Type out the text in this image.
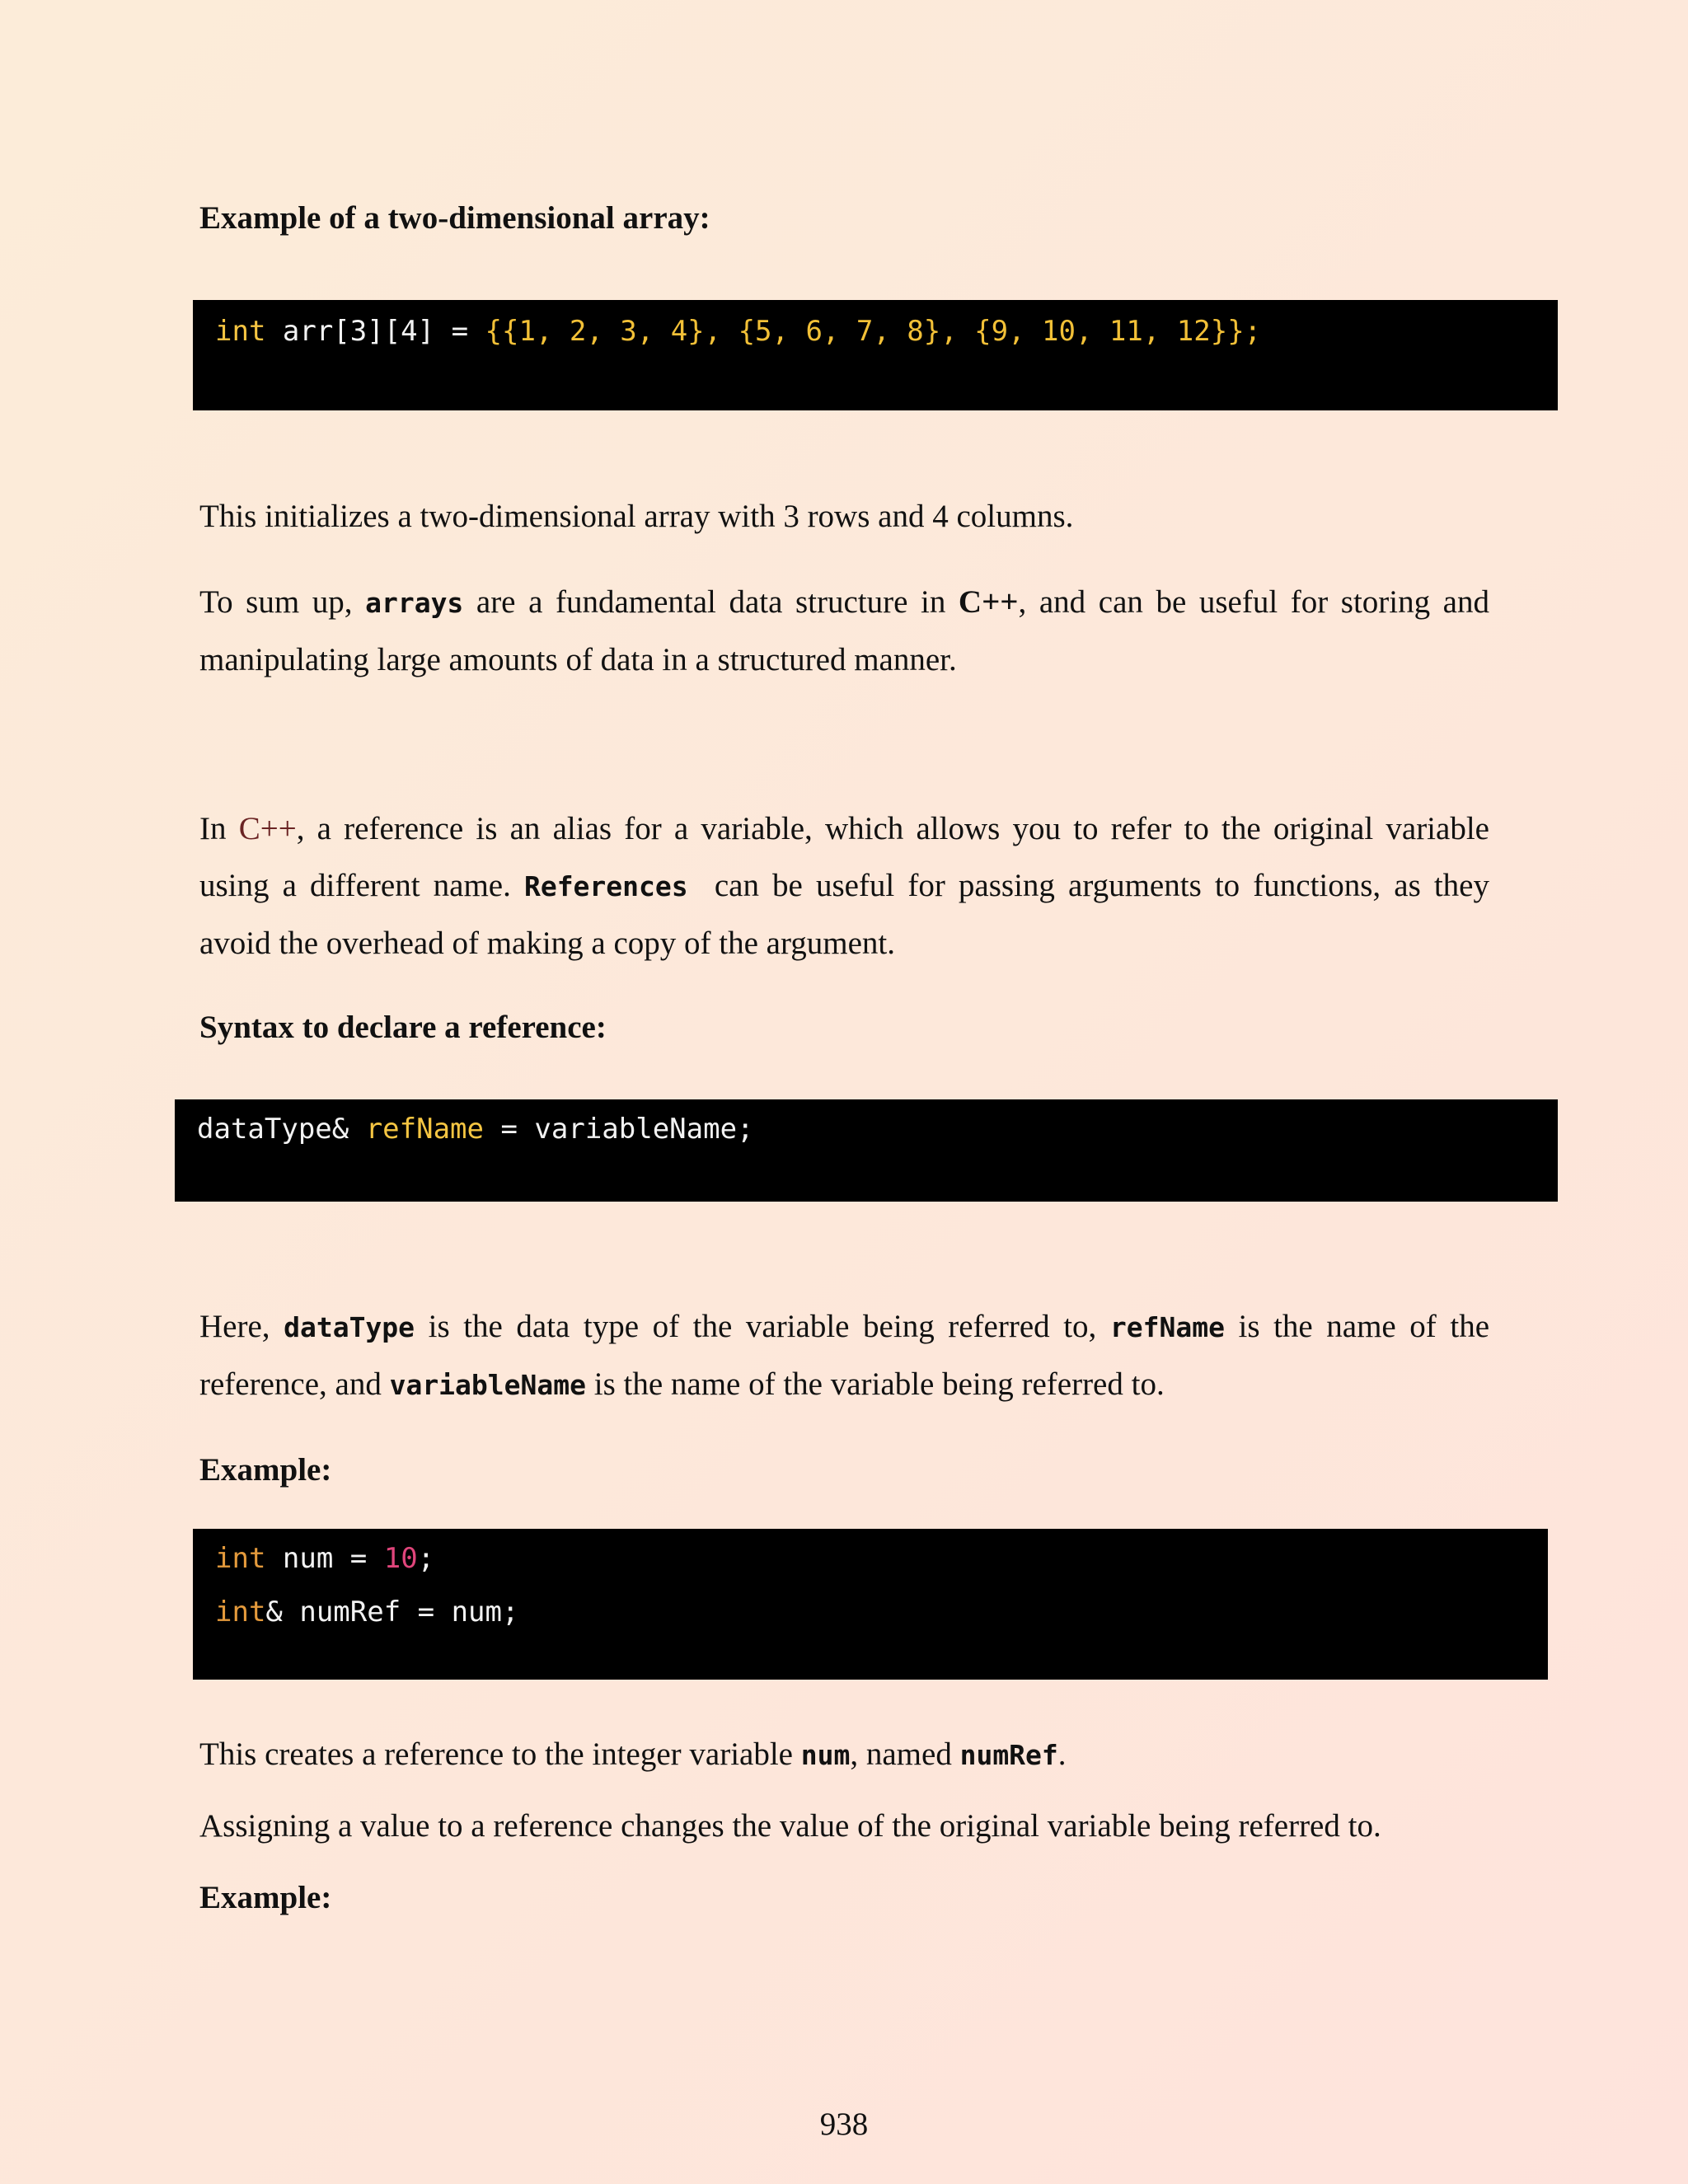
Example of a two-dimensional array:
int arr[3][4] = {{1, 2, 3, 4}, {5, 6, 7, 8}, {9, 10, 11, 12}};

This initializes a two-dimensional array with 3 rows and 4 columns.

To sum up, arrays are a fundamental data structure in C++, and can be useful for storing and
manipulating large amounts of data in a structured manner.
In C++, a reference is an alias for a variable, which allows you to refer to the original variable
using a different name. References  can be useful for passing arguments to functions, as they
avoid the overhead of making a copy of the argument.
Syntax to declare a reference:
dataType& refName = variableName;
Here, dataType is the data type of the variable being referred to, refName is the name of the
reference, and variableName is the name of the variable being referred to.
Example:
int num = 10;
int& numRef = num;
This creates a reference to the integer variable num, named numRef.

Assigning a value to a reference changes the value of the original variable being referred to.

Example:
938
